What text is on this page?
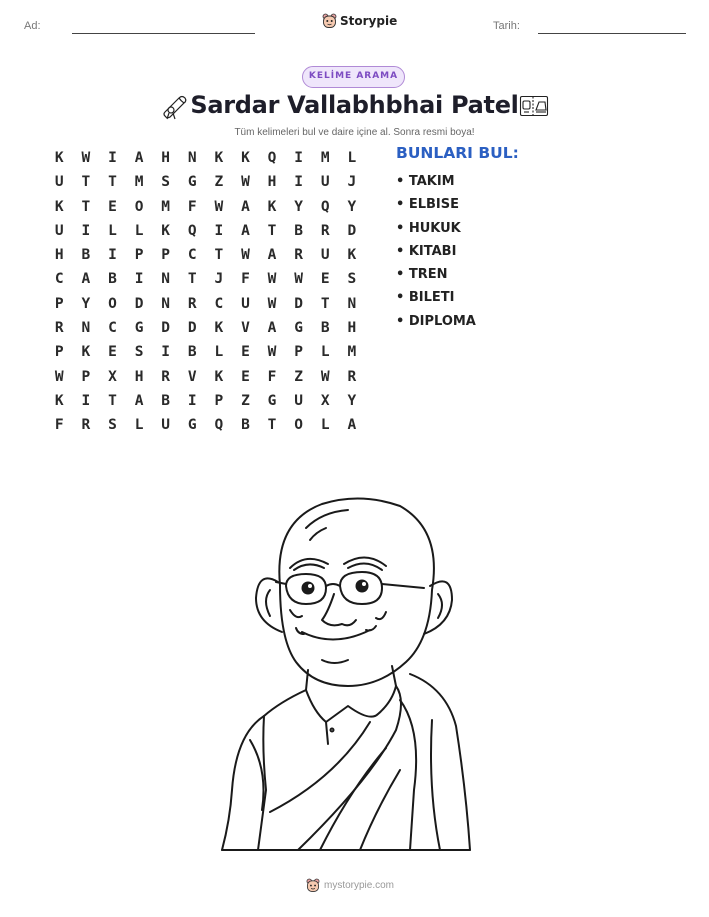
Ad:	Tarih:
Storypie
KELİME ARAMA
Sardar Vallabhbhai Patel
Tüm kelimeleri bul ve daire içine al. Sonra resmi boya!
K	W	I	A	H	N	K	K	Q	I	M	L
U	T	T	M	S	G	Z	W	H	I	U	J
K	T	E	O	M	F	W	A	K	Y	Q	Y
U	I	L	L	K	Q	I	A	T	B	R	D
H	B	I	P	P	C	T	W	A	R	U	K
C	A	B	I	N	T	J	F	W	W	E	S
P	Y	O	D	N	R	C	U	W	D	T	N
R	N	C	G	D	D	K	V	A	G	B	H
P	K	E	S	I	B	L	E	W	P	L	M
W	P	X	H	R	V	K	E	F	Z	W	R
K	I	T	A	B	I	P	Z	G	U	X	Y
F	R	S	L	U	G	Q	B	T	O	L	A
BUNLARI BUL:
• TAKIM
• ELBISE
• HUKUK
• KITABI
• TREN
• BILETI
• DIPLOMA
mystorypie.com
